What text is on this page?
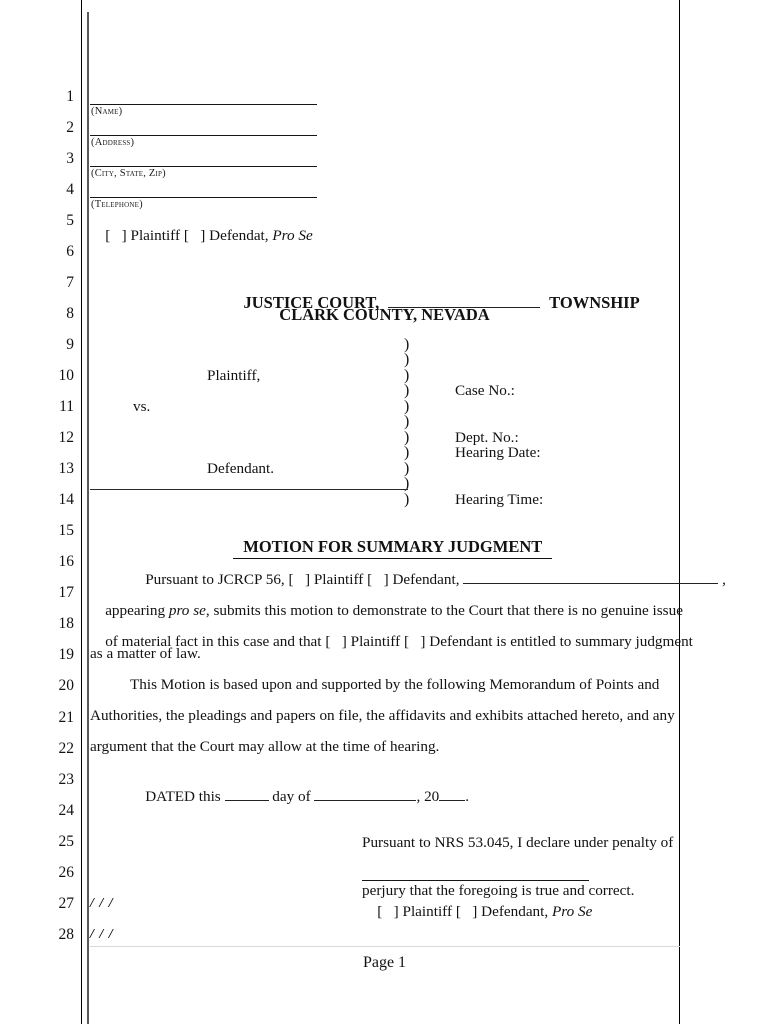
1
2
3
4
5
6
7
8
9
10
11
12
13
14
15
16
17
18
19
20
21
22
23
24
25
26
27
28
(Name)
(Address)
(City, State, Zip)
(Telephone)

[   ] Plaintiff [   ] Defendat, Pro Se

JUSTICE COURT,	TOWNSHIP

CLARK COUNTY, NEVADA
Plaintiff,
vs.
Defendant.
)
)
)
)
)
)
)
)
)
)
)

Case No.:

Dept. No.:

Hearing Date:

Hearing Time:

MOTION FOR SUMMARY JUDGMENT

Pursuant to JCRCP 56, [   ] Plaintiff [   ] Defendant,	,

appearing pro se, submits this motion to demonstrate to the Court that there is no genuine issue

of material fact in this case and that [   ] Plaintiff [   ] Defendant is entitled to summary judgment

as a matter of law.
This Motion is based upon and supported by the following Memorandum of Points and
Authorities, the pleadings and papers on file, the affidavits and exhibits attached hereto, and any
argument that the Court may allow at the time of hearing.

DATED this	day of	, 20 .

Pursuant to NRS 53.045, I declare under penalty of

perjury that the foregoing is true and correct.

[   ] Plaintiff [   ] Defendant, Pro Se

/ / /
/ / /
Page 1
